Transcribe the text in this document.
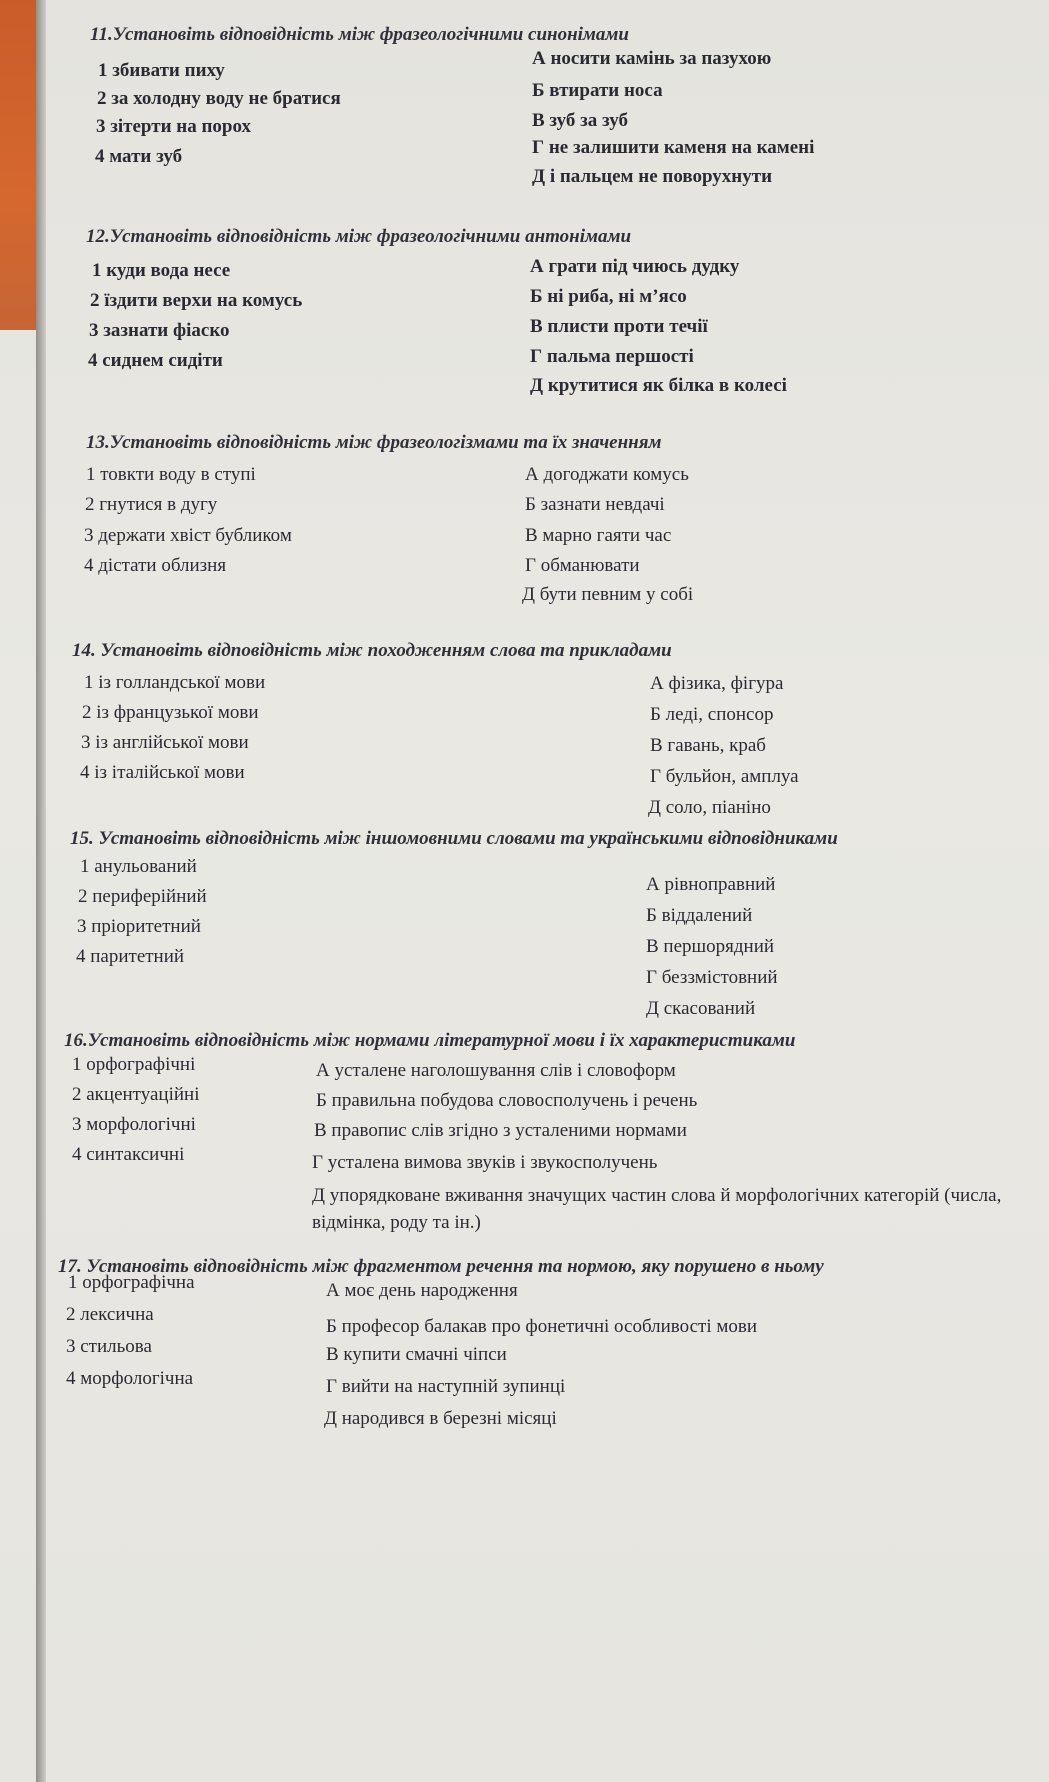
11.Установіть відповідність між фразеологічними синонімами
1 збивати пиху
2 за холодну воду не братися
3 зітерти на порох
4 мати зуб
А носити камінь за пазухою
Б втирати носа
В зуб за зуб
Г не залишити каменя на камені
Д і пальцем не поворухнути
12.Установіть відповідність між фразеологічними антонімами
1 куди вода несе
2 їздити верхи на комусь
3 зазнати фіаско
4 сиднем сидіти
А грати під чиюсь дудку
Б ні риба, ні м’ясо
В плисти проти течії
Г пальма першості
Д крутитися як білка в колесі
13.Установіть відповідність між фразеологізмами та їх значенням
1 товкти воду в ступі
2 гнутися в дугу
3 держати хвіст бубликом
4 дістати облизня
А догоджати комусь
Б зазнати невдачі
В марно гаяти час
Г обманювати
Д бути певним у собі
14. Установіть відповідність між походженням слова та прикладами
1 із голландської мови
2 із французької мови
3 із англійської мови
4 із італійської мови
А фізика, фігура
Б леді, спонсор
В гавань, краб
Г бульйон, амплуа
Д соло, піаніно
15. Установіть відповідність між іншомовними словами та українськими відповідниками
1 анульований
2 периферійний
3 пріоритетний
4 паритетний
А рівноправний
Б віддалений
В першорядний
Г беззмістовний
Д скасований
16.Установіть відповідність між нормами літературної мови і їх характеристиками
1 орфографічні
2 акцентуаційні
3 морфологічні
4 синтаксичні
А усталене наголошування слів і словоформ
Б правильна побудова словосполучень і речень
В правопис слів згідно з усталеними нормами
Г усталена вимова звуків і звукосполучень
Д упорядковане вживання значущих частин слова й морфологічних категорій (числа, відмінка, роду та ін.)
17. Установіть відповідність між фрагментом речення та нормою, яку порушено в ньому
1 орфографічна
2 лексична
3 стильова
4 морфологічна
А моє день народження
Б професор балакав про фонетичні особливості мови
В купити смачні чіпси
Г вийти на наступній зупинці
Д народився в березні місяці
